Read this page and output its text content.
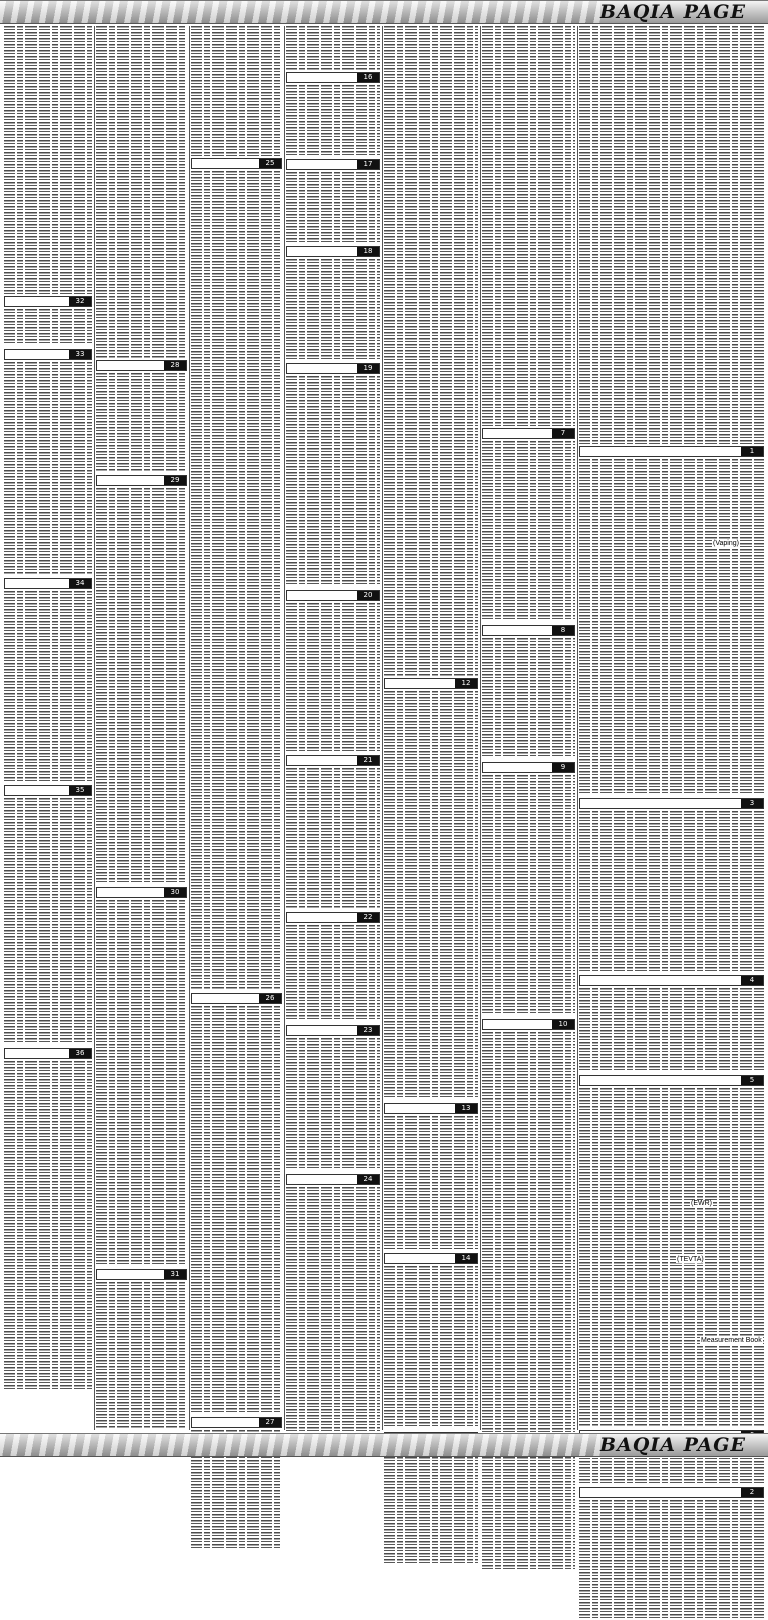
BAQIA PAGE
32
33
34
35
36
28
29
30
31
25
26
27
16
17
18
19
20
21
22
23
24
12
13
14
7
8
9
10
1
3
4
5
2
BAQIA PAGE
(Vaping)
(EWR)
(TEVTA)
Measurement Book
